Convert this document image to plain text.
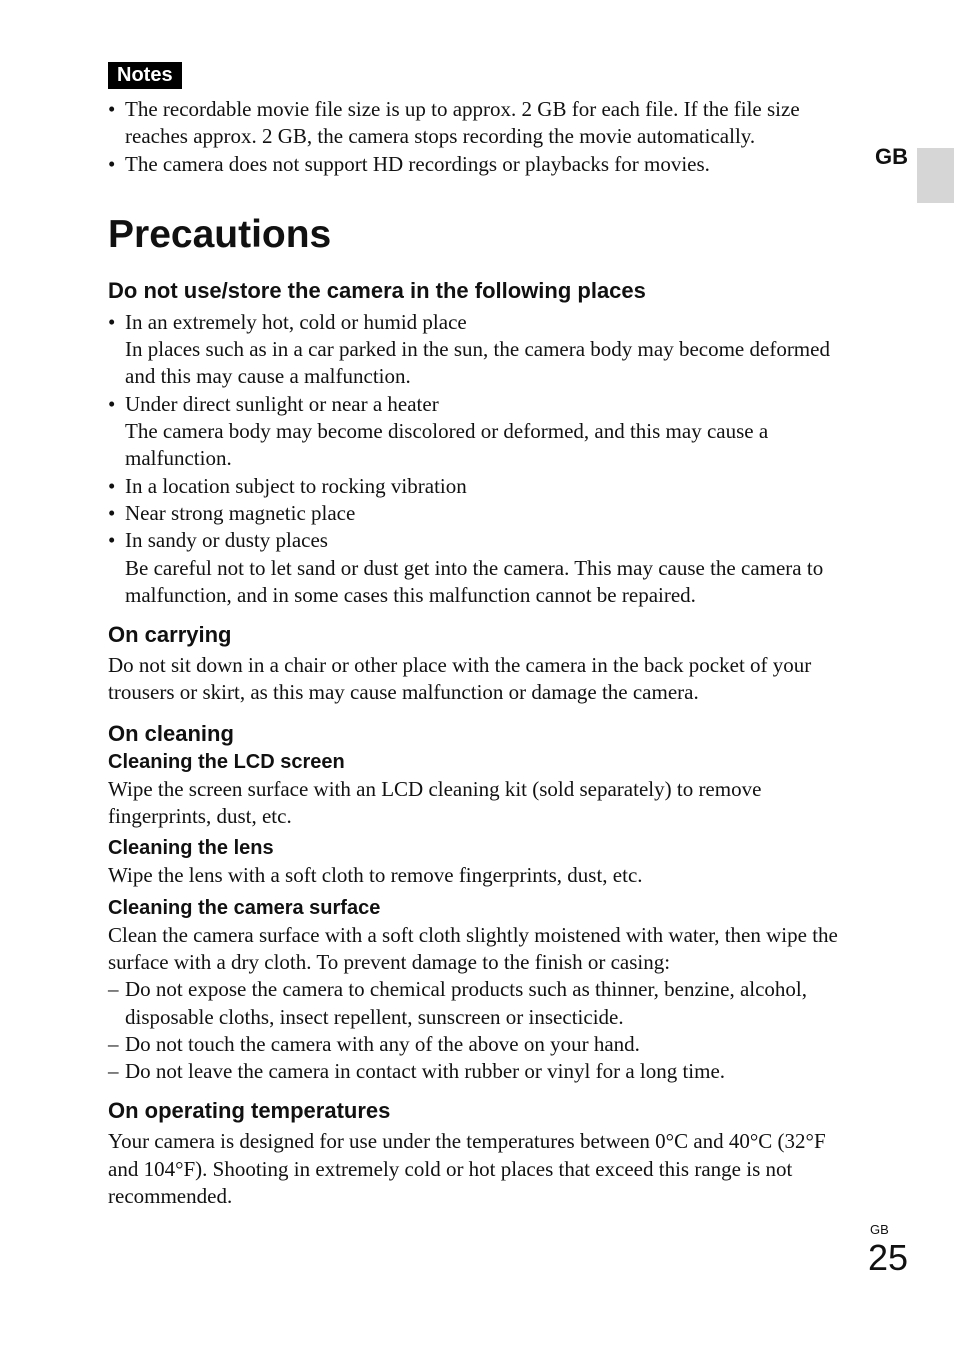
GB
Notes
• The recordable movie file size is up to approx. 2 GB for each file. If the file size reaches approx. 2 GB, the camera stops recording the movie automatically.
• The camera does not support HD recordings or playbacks for movies.
Precautions
Do not use/store the camera in the following places
• In an extremely hot, cold or humid place
In places such as in a car parked in the sun, the camera body may become deformed and this may cause a malfunction.
• Under direct sunlight or near a heater
The camera body may become discolored or deformed, and this may cause a malfunction.
• In a location subject to rocking vibration
• Near strong magnetic place
• In sandy or dusty places
Be careful not to let sand or dust get into the camera. This may cause the camera to malfunction, and in some cases this malfunction cannot be repaired.
On carrying

Do not sit down in a chair or other place with the camera in the back pocket of your trousers or skirt, as this may cause malfunction or damage the camera.

On cleaning
Cleaning the LCD screen

Wipe the screen surface with an LCD cleaning kit (sold separately) to remove fingerprints, dust, etc.

Cleaning the lens

Wipe the lens with a soft cloth to remove fingerprints, dust, etc.

Cleaning the camera surface

Clean the camera surface with a soft cloth slightly moistened with water, then wipe the surface with a dry cloth. To prevent damage to the finish or casing:

– Do not expose the camera to chemical products such as thinner, benzine, alcohol, disposable cloths, insect repellent, sunscreen or insecticide.
– Do not touch the camera with any of the above on your hand.
– Do not leave the camera in contact with rubber or vinyl for a long time.
On operating temperatures

Your camera is designed for use under the temperatures between 0°C and 40°C (32°F and 104°F). Shooting in extremely cold or hot places that exceed this range is not recommended.

GB
25
